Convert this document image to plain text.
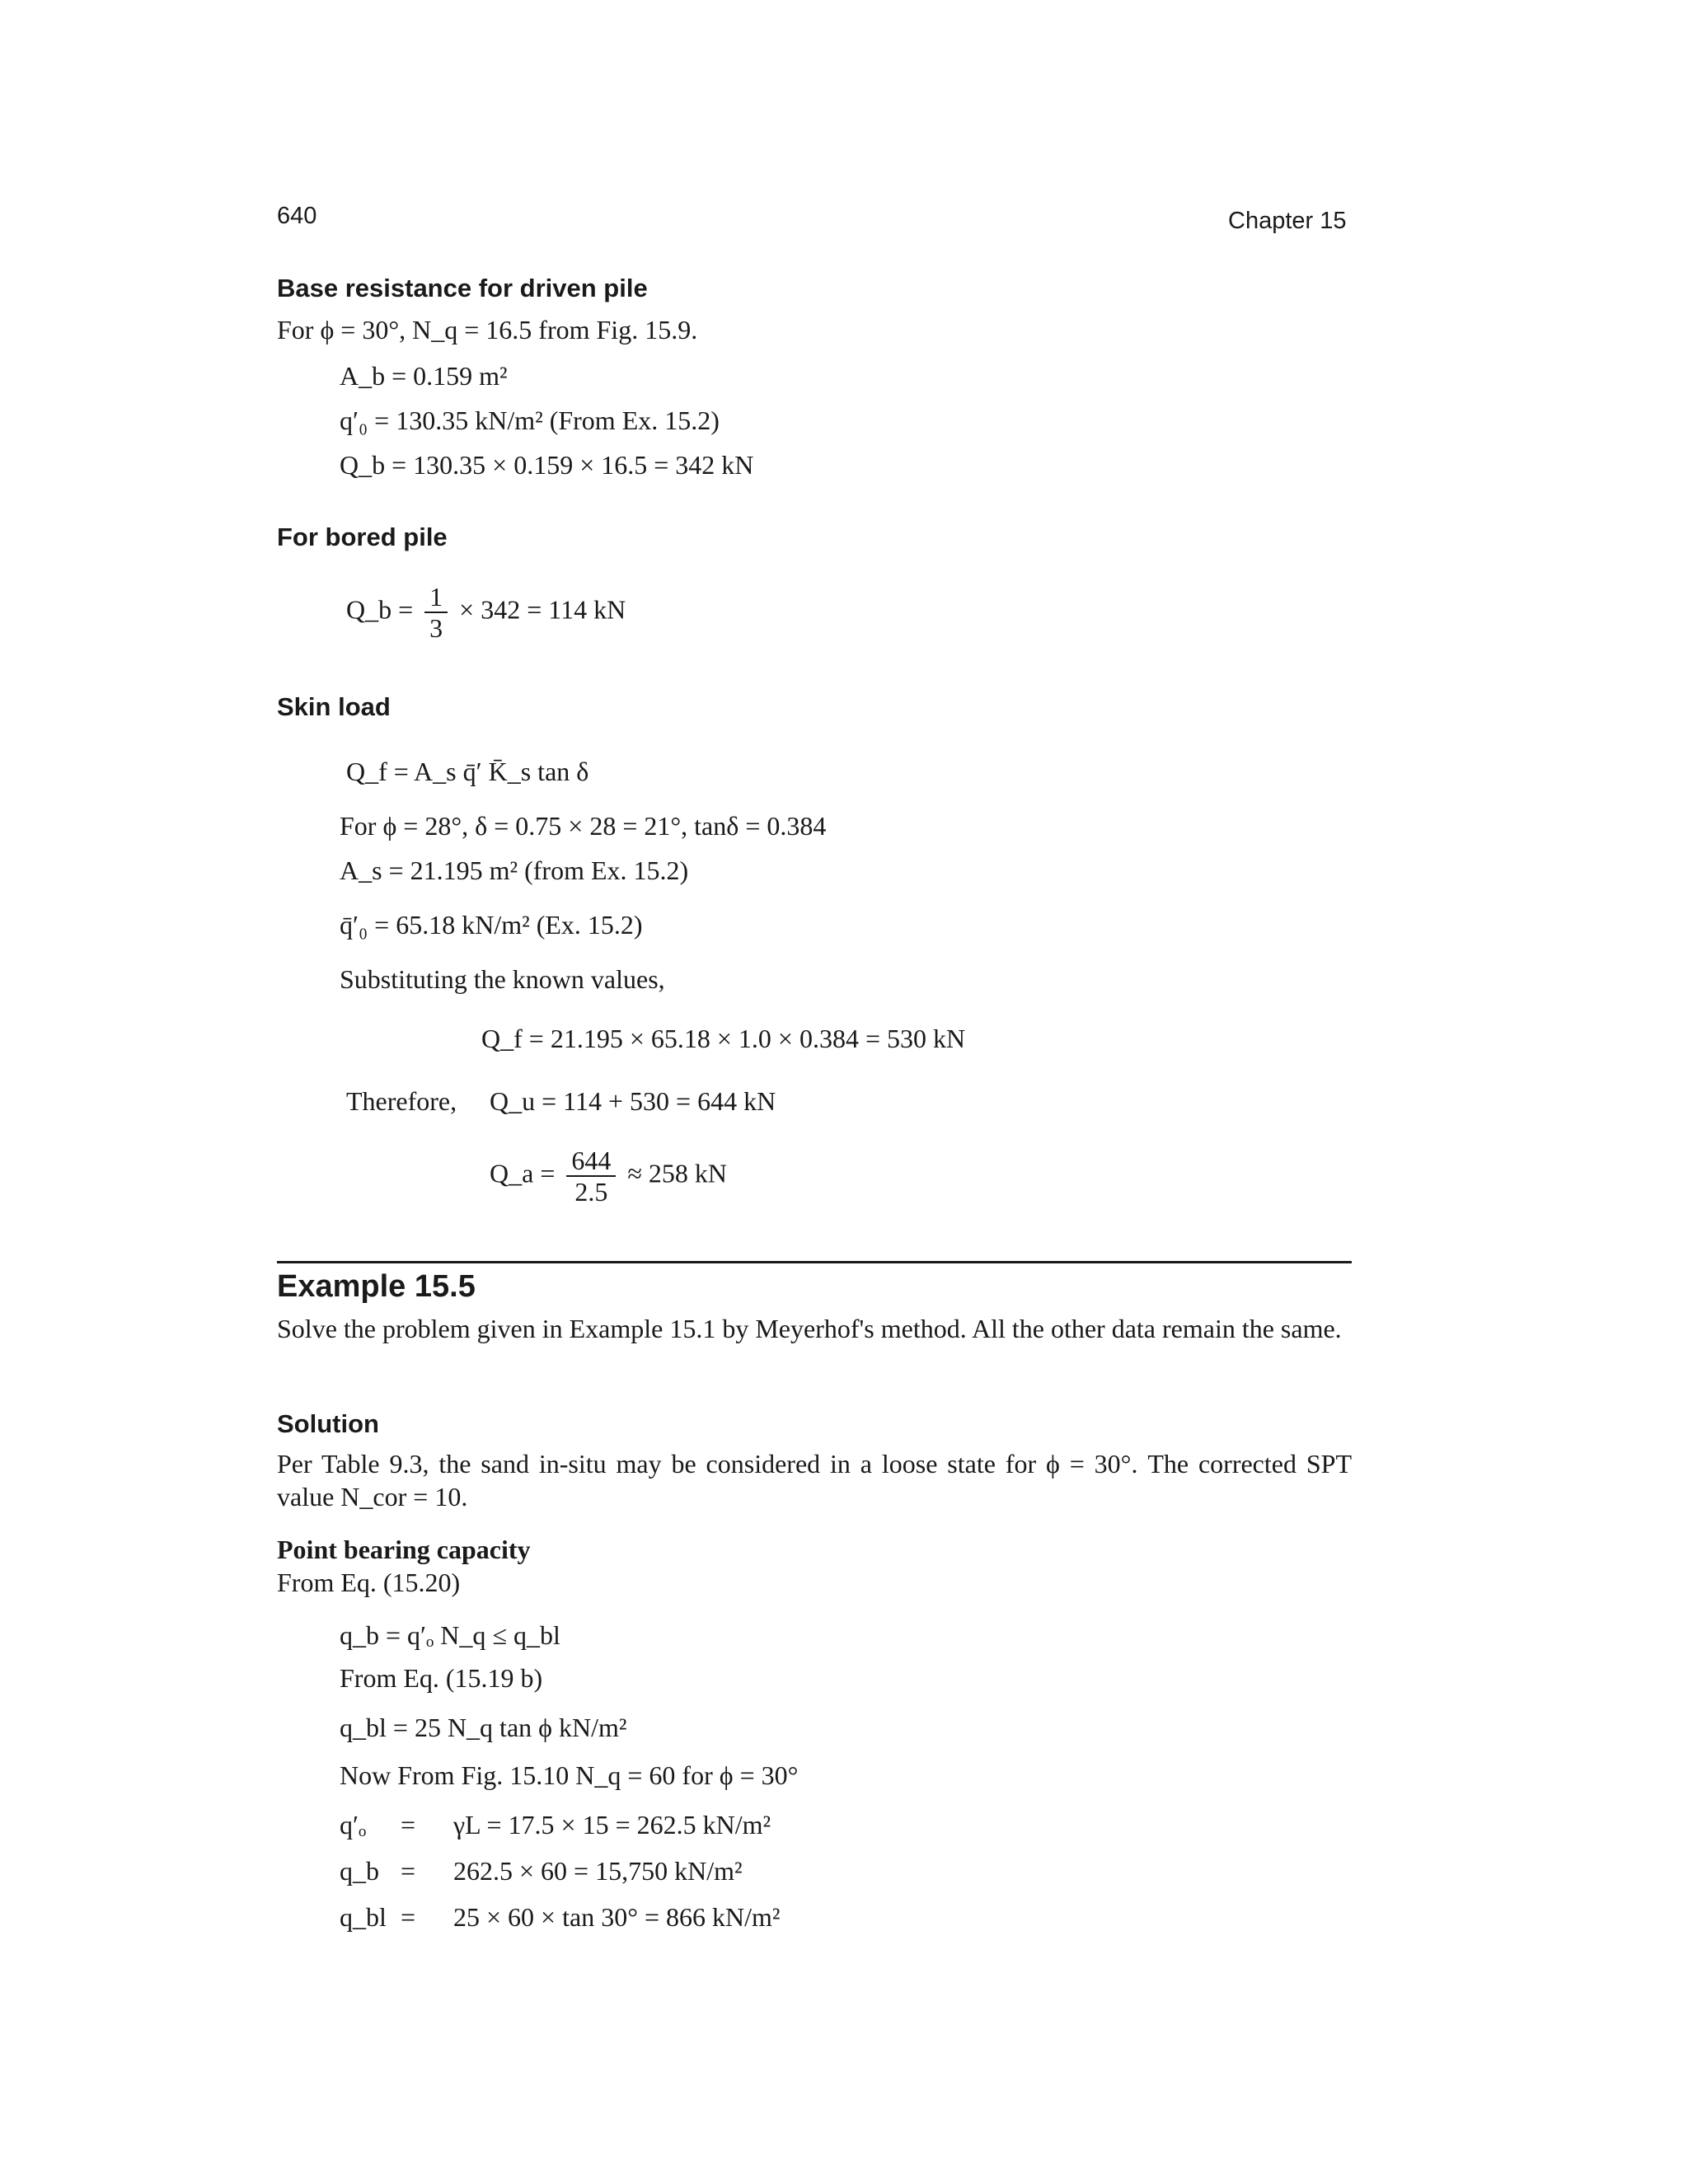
640	Chapter 15
Base resistance for driven pile
For ϕ = 30°, N_q = 16.5 from Fig. 15.9.
A_b = 0.159 m²
q′₀ = 130.35 kN/m² (From Ex. 15.2)
Q_b = 130.35 × 0.159 × 16.5 = 342 kN
For bored pile
Q_b = $\frac{1}{3} \times 342 = 114$ kN
Skin load
Q_f = A_s q̄′ K̄_s tan δ
For ϕ = 28°, δ = 0.75 × 28 = 21°, tanδ = 0.384
A_s = 21.195 m² (from Ex. 15.2)
q̄′₀ = 65.18 kN/m² (Ex. 15.2)
Substituting the known values,
Q_f = 21.195 × 65.18 × 1.0 × 0.384 = 530 kN
Therefore, Q_u = 114 + 530 = 644 kN
Q_a = $\frac{644}{2.5} \approx 258$ kN
Example 15.5
Solve the problem given in Example 15.1 by Meyerhof's method. All the other data remain the same.
Solution
Per Table 9.3, the sand in-situ may be considered in a loose state for ϕ = 30°. The corrected SPT value N_cor = 10.
Point bearing capacity
From Eq. (15.20)
q_b = q′ₒ N_q ≤ q_bl
From Eq. (15.19 b)
q_bl = 25 N_q tan ϕ kN/m²
Now From Fig. 15.10 N_q = 60 for ϕ = 30°
q′ₒ = γL = 17.5 × 15 = 262.5 kN/m²
q_b = 262.5 × 60 = 15,750 kN/m²
q_bl = 25 × 60 × tan 30° = 866 kN/m²
